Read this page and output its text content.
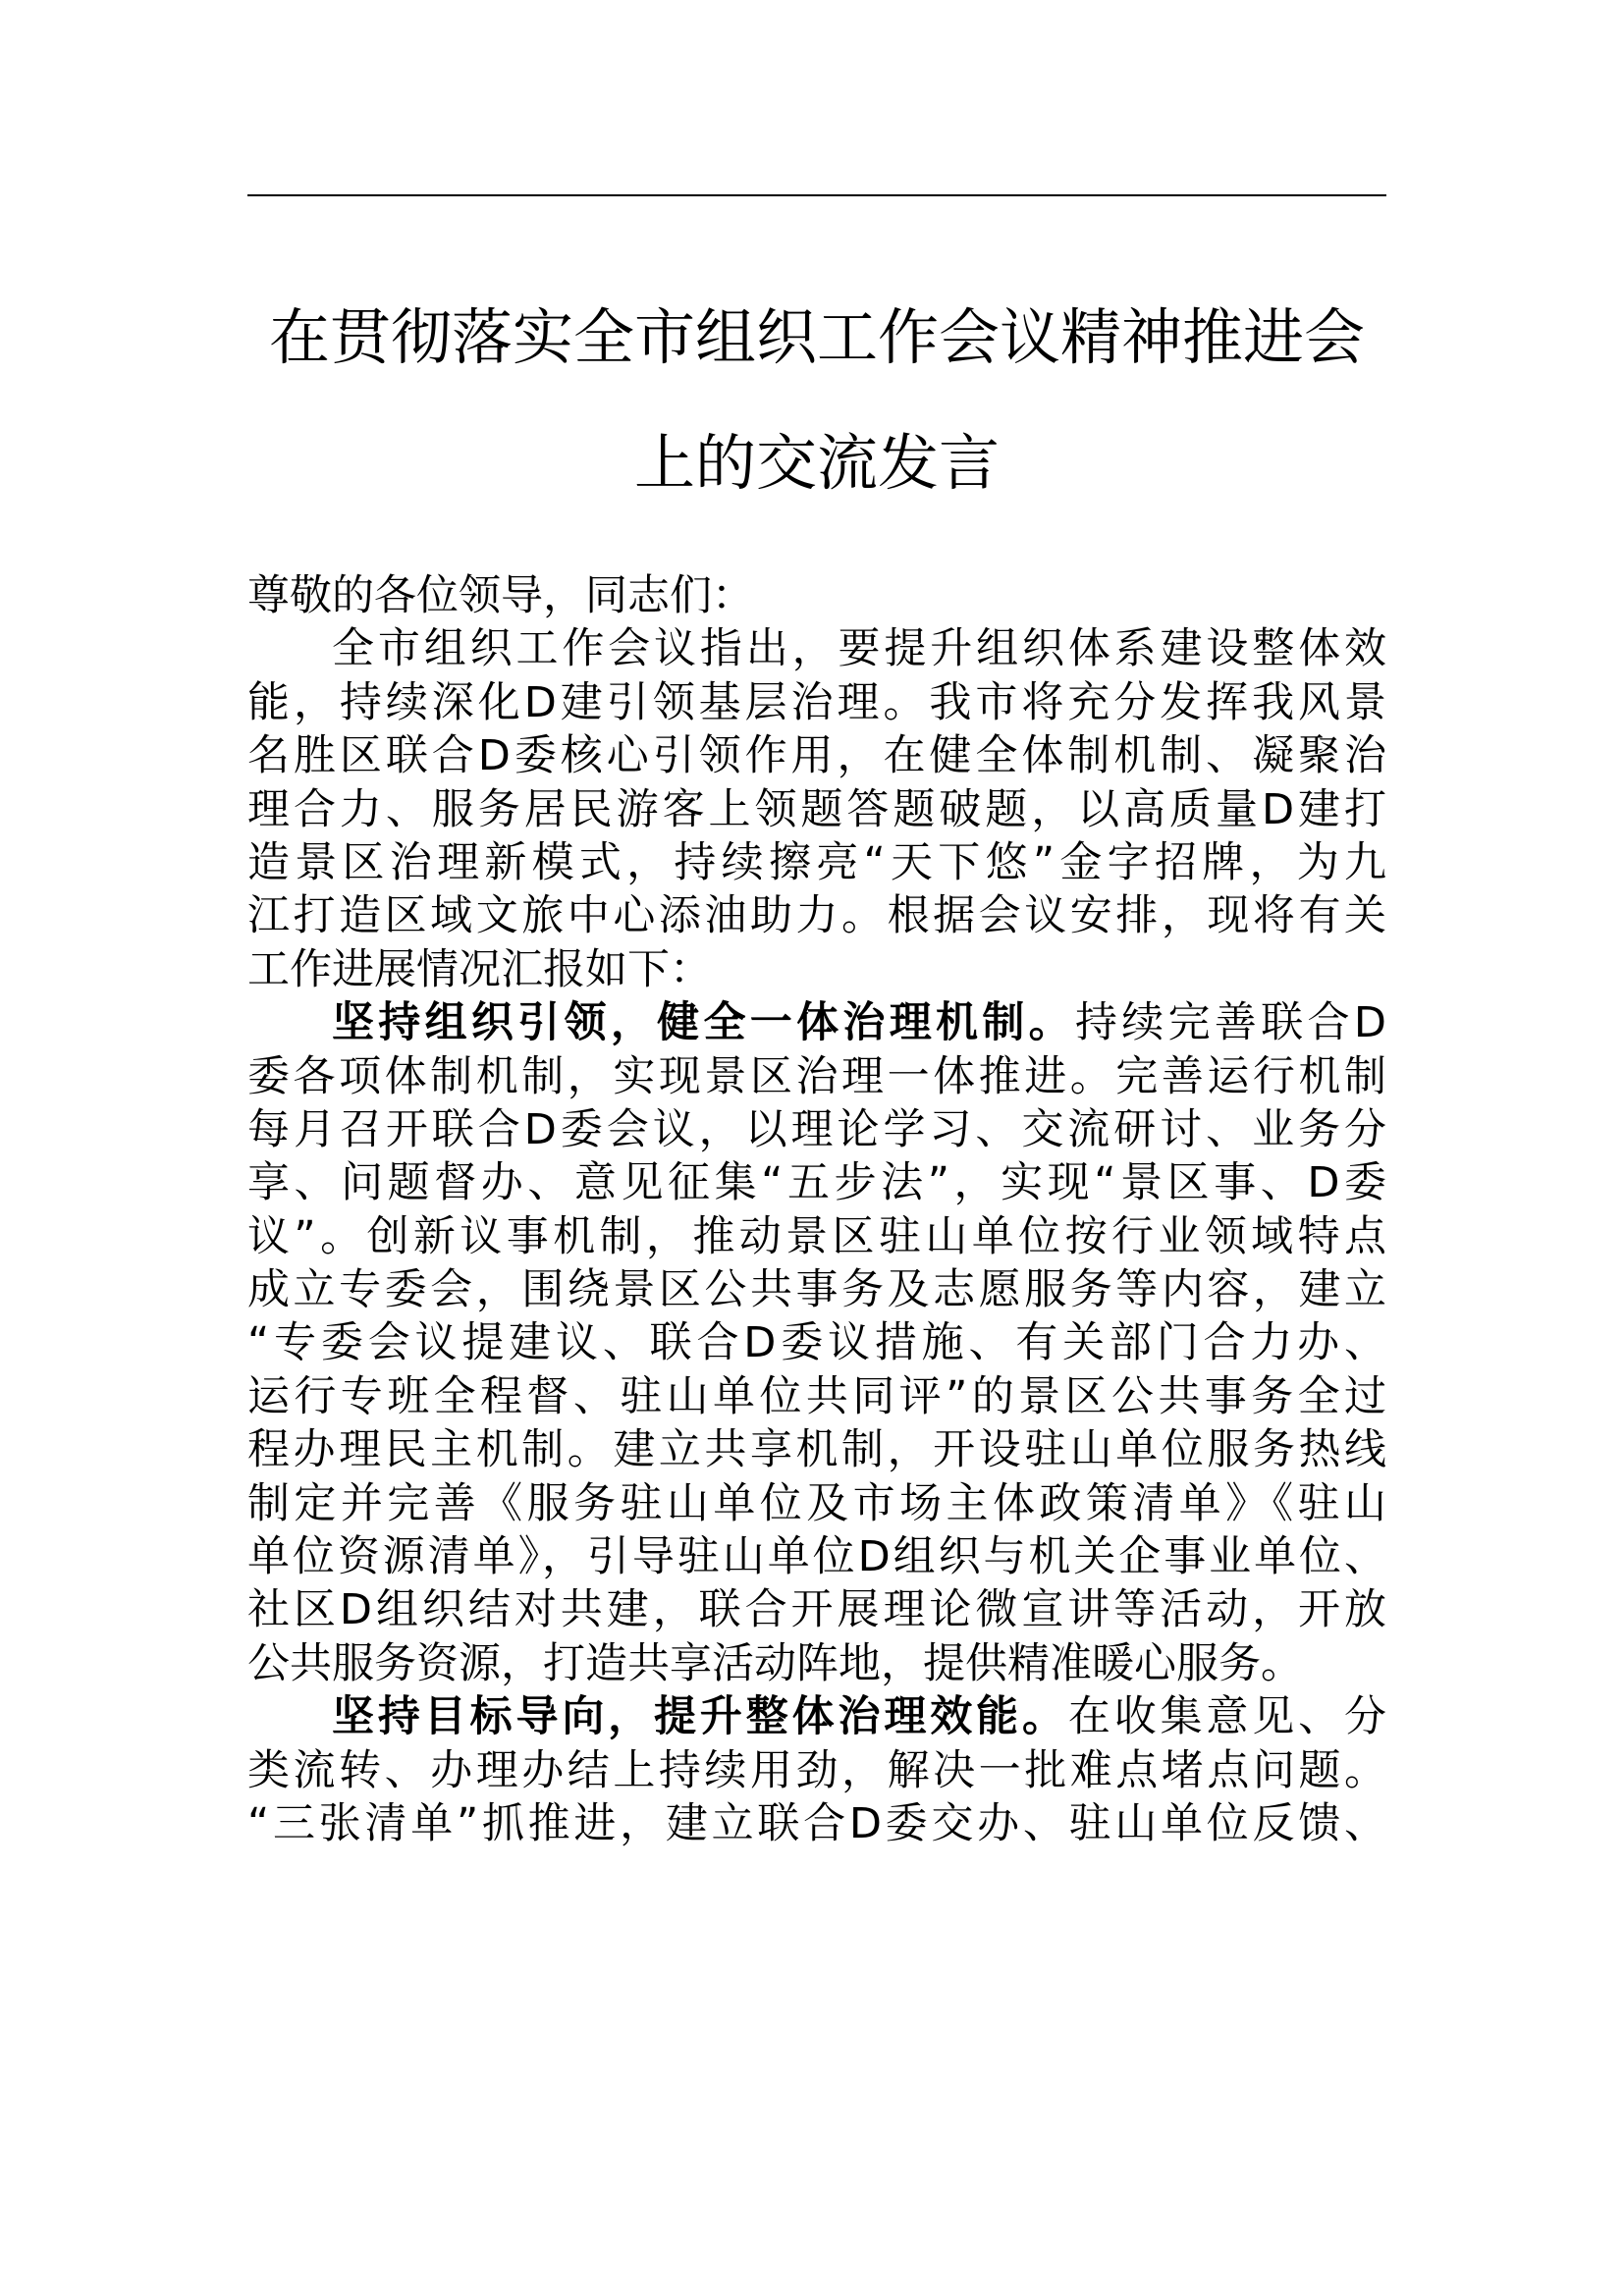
在贯彻落实全市组织工作会议精神推进会
上的交流发言
尊敬的各位领导，同志们：
全市组织工作会议指出，要提升组织体系建设整体效
能，持续深化D建引领基层治理。我市将充分发挥我风景
名胜区联合D委核心引领作用，在健全体制机制、凝聚治
理合力、服务居民游客上领题答题破题，以高质量D建打
造景区治理新模式，持续擦亮“天下悠”金字招牌，为九
江打造区域文旅中心添油助力。根据会议安排，现将有关
工作进展情况汇报如下：
坚持组织引领，健全一体治理机制。持续完善联合D
委各项体制机制，实现景区治理一体推进。完善运行机制
每月召开联合D委会议，以理论学习、交流研讨、业务分
享、问题督办、意见征集“五步法”，实现“景区事、D委
议”。创新议事机制，推动景区驻山单位按行业领域特点
成立专委会，围绕景区公共事务及志愿服务等内容，建立
“专委会议提建议、联合D委议措施、有关部门合力办、
运行专班全程督、驻山单位共同评”的景区公共事务全过
程办理民主机制。建立共享机制，开设驻山单位服务热线
制定并完善《服务驻山单位及市场主体政策清单》《驻山
单位资源清单》，引导驻山单位D组织与机关企事业单位、
社区D组织结对共建，联合开展理论微宣讲等活动，开放
公共服务资源，打造共享活动阵地，提供精准暖心服务。
坚持目标导向，提升整体治理效能。在收集意见、分
类流转、办理办结上持续用劲，解决一批难点堵点问题。
“三张清单”抓推进，建立联合D委交办、驻山单位反馈、
